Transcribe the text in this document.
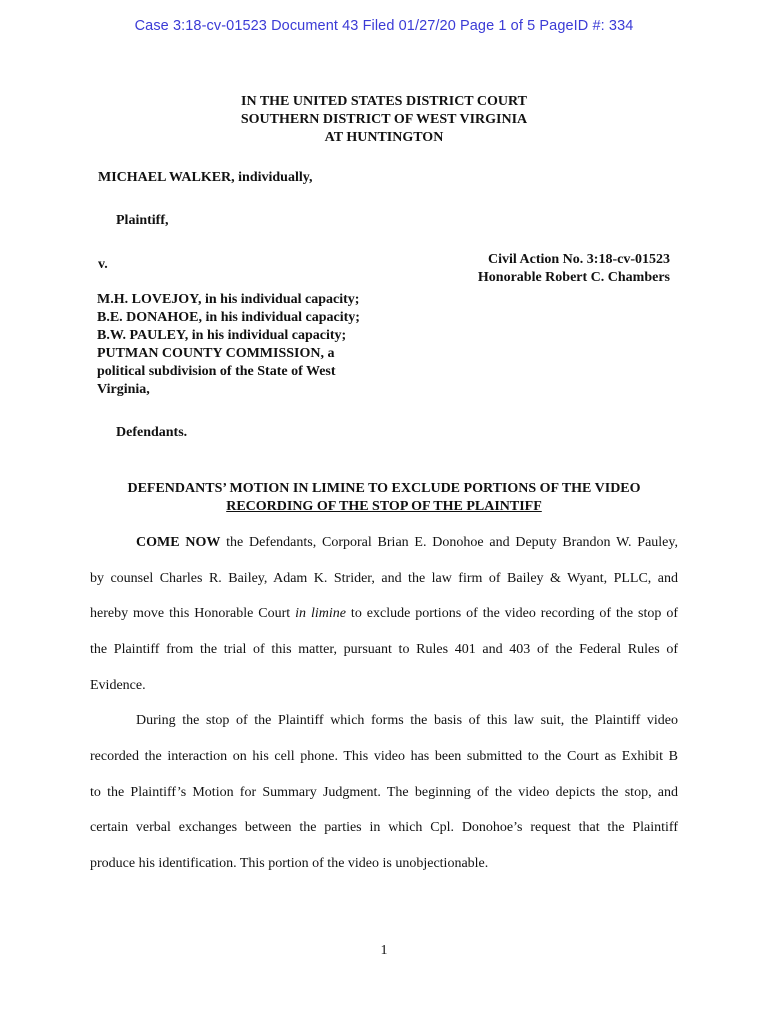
Case 3:18-cv-01523 Document 43 Filed 01/27/20 Page 1 of 5 PageID #: 334
IN THE UNITED STATES DISTRICT COURT
SOUTHERN DISTRICT OF WEST VIRGINIA
AT HUNTINGTON
MICHAEL WALKER, individually,
Plaintiff,
v.	Civil Action No. 3:18-cv-01523
Honorable Robert C. Chambers
M.H. LOVEJOY, in his individual capacity;
B.E. DONAHOE, in his individual capacity;
B.W. PAULEY, in his individual capacity;
PUTMAN COUNTY COMMISSION, a
political subdivision of the State of West
Virginia,
Defendants.
DEFENDANTS’ MOTION IN LIMINE TO EXCLUDE PORTIONS OF THE VIDEO
RECORDING OF THE STOP OF THE PLAINTIFF
COME NOW the Defendants, Corporal Brian E. Donohoe and Deputy Brandon W. Pauley,
by counsel Charles R. Bailey, Adam K. Strider, and the law firm of Bailey & Wyant, PLLC, and
hereby move this Honorable Court in limine to exclude portions of the video recording of the stop of
the Plaintiff from the trial of this matter, pursuant to Rules 401 and 403 of the Federal Rules of
Evidence.
During the stop of the Plaintiff which forms the basis of this law suit, the Plaintiff video
recorded the interaction on his cell phone. This video has been submitted to the Court as Exhibit B
to the Plaintiff’s Motion for Summary Judgment. The beginning of the video depicts the stop, and
certain verbal exchanges between the parties in which Cpl. Donohoe’s request that the Plaintiff
produce his identification. This portion of the video is unobjectionable.
1
